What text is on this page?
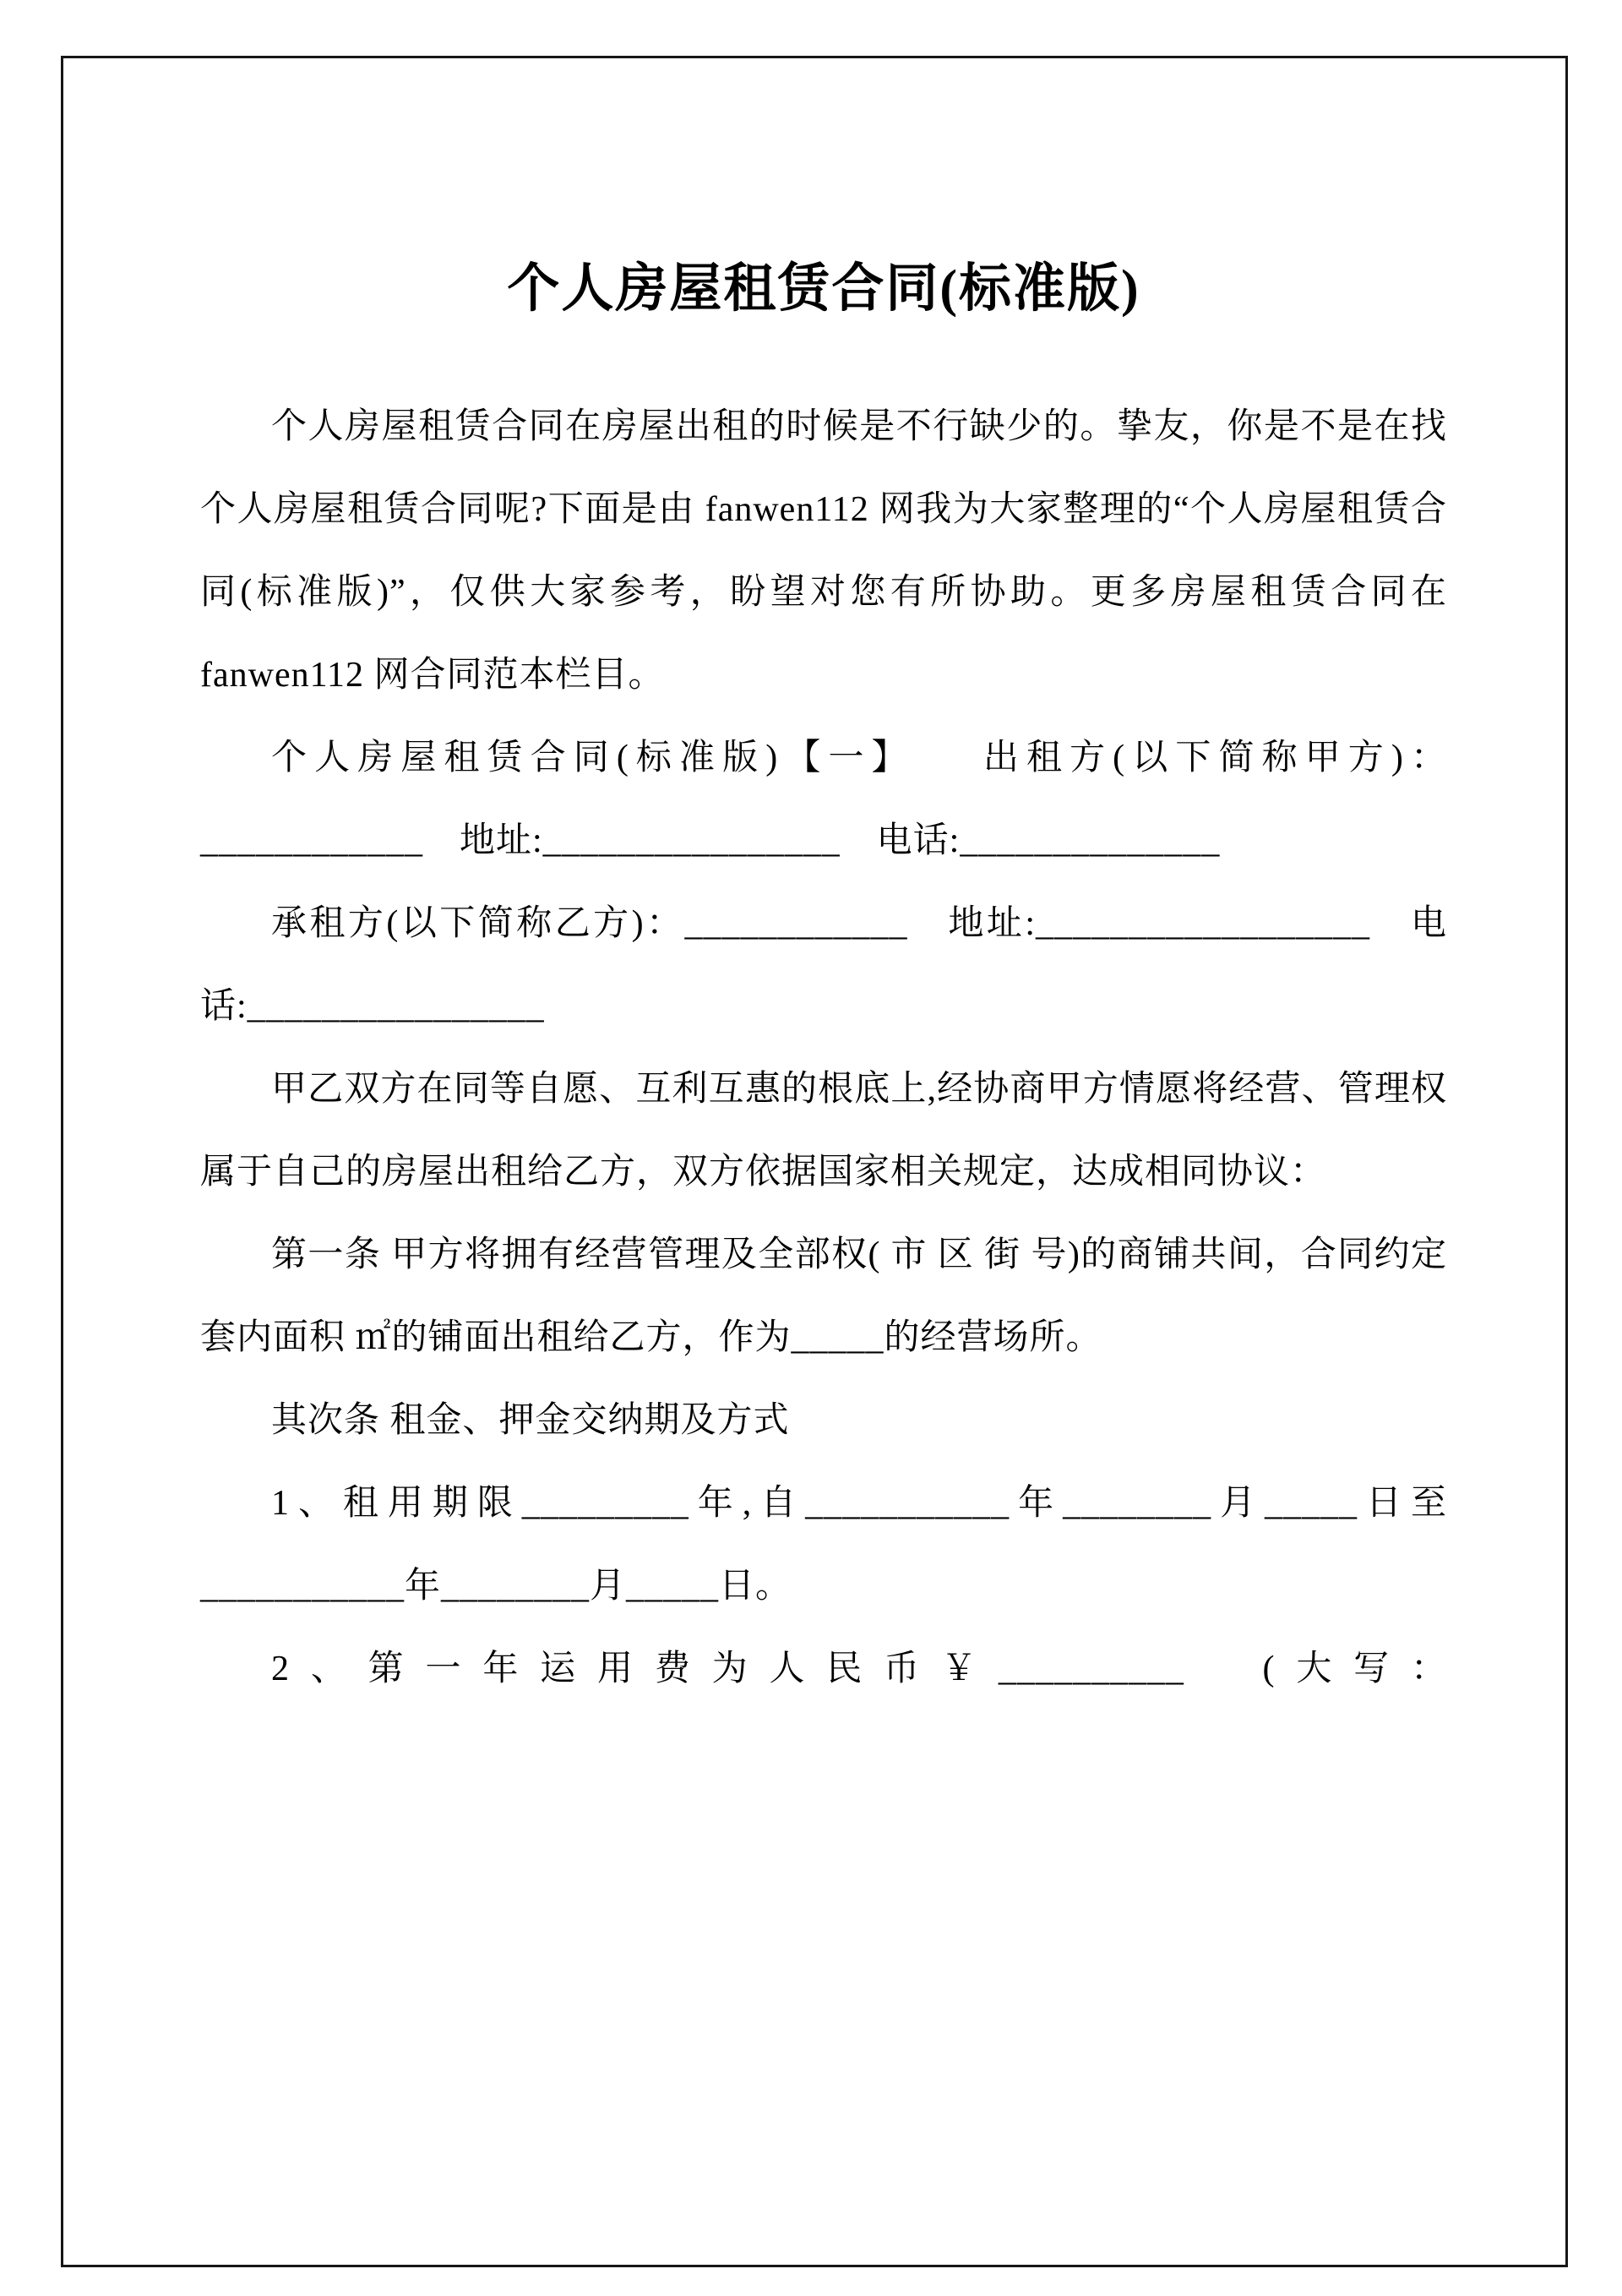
个人房屋租赁合同(标准版)

个人房屋租赁合同在房屋出租的时候是不行缺少的。挚友，你是不是在找个人房屋租赁合同呢?下面是由 fanwen112 网我为大家整理的“个人房屋租赁合同(标准版)”，仅供大家参考，盼望对您有所协助。更多房屋租赁合同在 fanwen112 网合同范本栏目。

个人房屋租赁合同(标准版)【一】　　出租方(以下简称甲方)：____________　地址:________________　电话:______________

承租方(以下简称乙方)：____________　地址:__________________　电话:________________

甲乙双方在同等自愿、互利互惠的根底上,经协商甲方情愿将经营、管理权属于自己的房屋出租给乙方，双方依据国家相关规定，达成相同协议：

第一条 甲方将拥有经营管理及全部权( 市 区 街 号)的商铺共间，合同约定套内面积 ㎡的铺面出租给乙方，作为_____的经营场所。

其次条 租金、押金交纳期及方式

1、租用期限_________年,自___________年________月_____日至___________年________月_____日。

2、第一年运用费为人民币￥__________　(大写：
